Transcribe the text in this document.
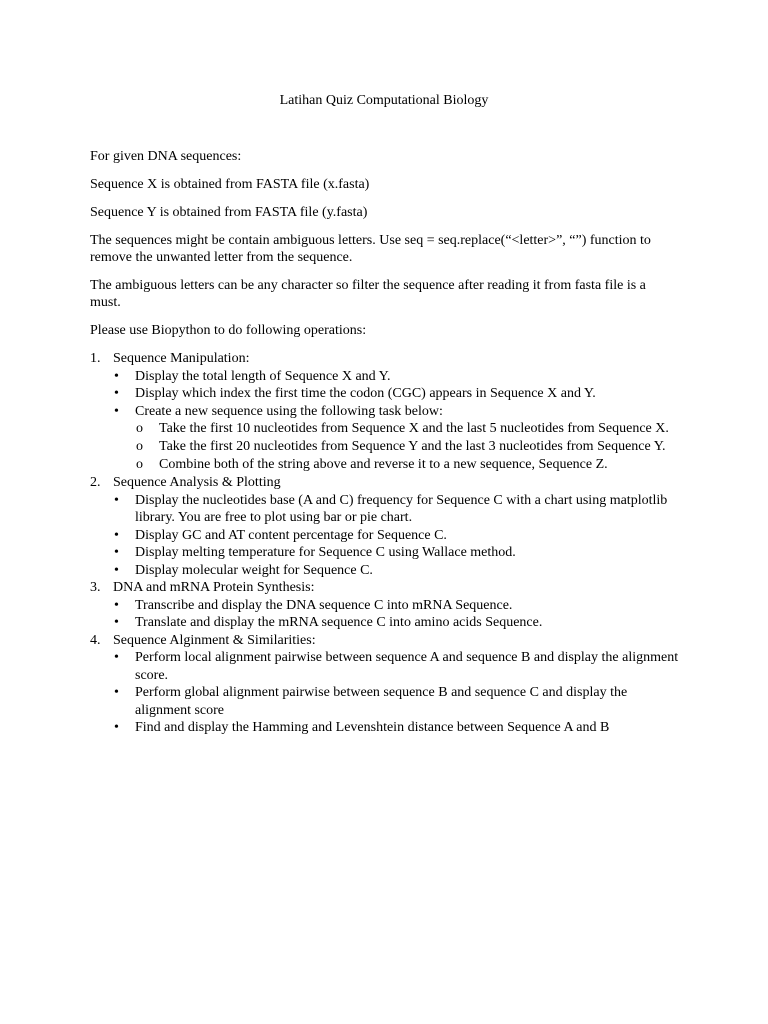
Latihan Quiz Computational Biology

For given DNA sequences:

Sequence X is obtained from FASTA file (x.fasta)

Sequence Y is obtained from FASTA file (y.fasta)

The sequences might be contain ambiguous letters. Use seq = seq.replace(“<letter>”, “”) function to remove the unwanted letter from the sequence.

The ambiguous letters can be any character so filter the sequence after reading it from fasta file is a must.

Please use Biopython to do following operations:

1. Sequence Manipulation:
• Display the total length of Sequence X and Y.
• Display which index the first time the codon (CGC) appears in Sequence X and Y.
• Create a new sequence using the following task below:
o Take the first 10 nucleotides from Sequence X and the last 5 nucleotides from Sequence X.
o Take the first 20 nucleotides from Sequence Y and the last 3 nucleotides from Sequence Y.
o Combine both of the string above and reverse it to a new sequence, Sequence Z.
2. Sequence Analysis & Plotting
• Display the nucleotides base (A and C) frequency for Sequence C with a chart using matplotlib library. You are free to plot using bar or pie chart.
• Display GC and AT content percentage for Sequence C.
• Display melting temperature for Sequence C using Wallace method.
• Display molecular weight for Sequence C.
3. DNA and mRNA Protein Synthesis:
• Transcribe and display the DNA sequence C into mRNA Sequence.
• Translate and display the mRNA sequence C into amino acids Sequence.
4. Sequence Alginment & Similarities:
• Perform local alignment pairwise between sequence A and sequence B and display the alignment score.
• Perform global alignment pairwise between sequence B and sequence C and display the alignment score
• Find and display the Hamming and Levenshtein distance between Sequence A and B
